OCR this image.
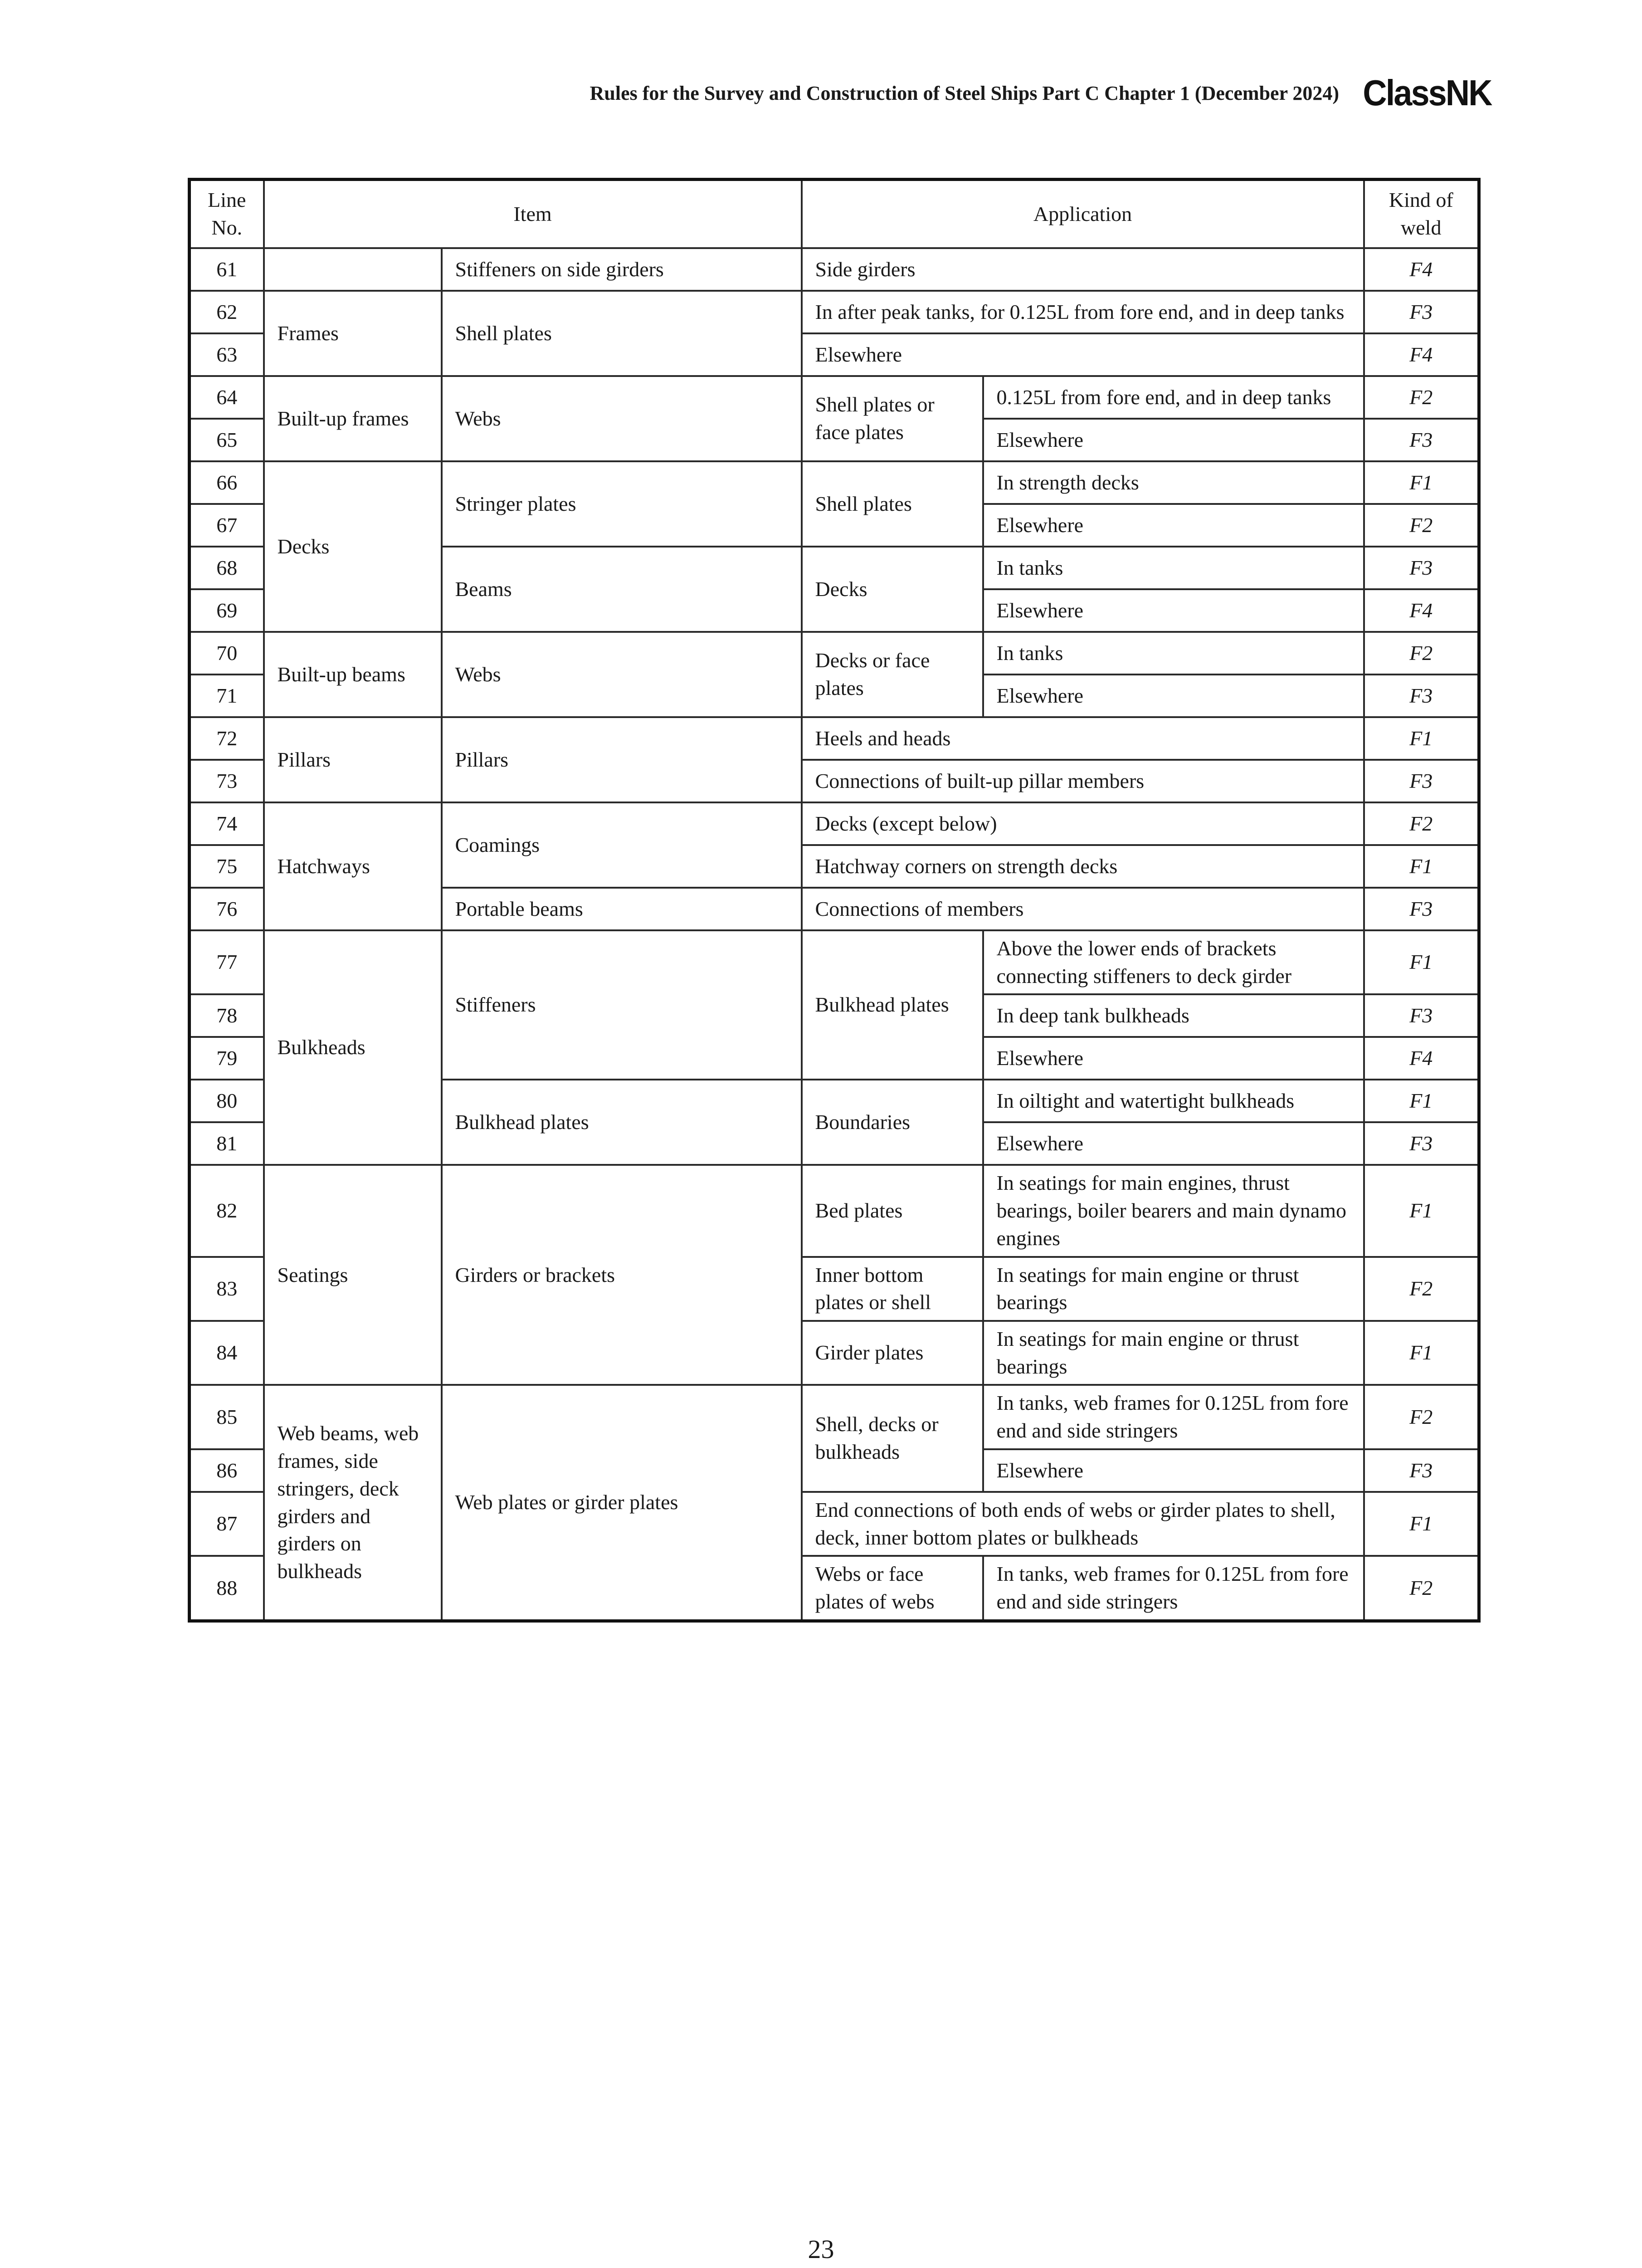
Rules for the Survey and Construction of Steel Ships Part C Chapter 1 (December 2024) ClassNK
Line No.	Item		Application		Kind of weld
61		Stiffeners on side girders	Side girders		F4
62	Frames	Shell plates	In after peak tanks, for 0.125L from fore end, and in deep tanks		F3
63			Elsewhere		F4
64	Built-up frames	Webs	Shell plates or face plates	0.125L from fore end, and in deep tanks	F2
65				Elsewhere	F3
66	Decks	Stringer plates	Shell plates	In strength decks	F1
67				Elsewhere	F2
68		Beams	Decks	In tanks	F3
69				Elsewhere	F4
70	Built-up beams	Webs	Decks or face plates	In tanks	F2
71				Elsewhere	F3
72	Pillars	Pillars	Heels and heads		F1
73			Connections of built-up pillar members		F3
74	Hatchways	Coamings	Decks (except below)		F2
75			Hatchway corners on strength decks		F1
76		Portable beams	Connections of members		F3
77	Bulkheads	Stiffeners	Bulkhead plates	Above the lower ends of brackets connecting stiffeners to deck girder	F1
78				In deep tank bulkheads	F3
79				Elsewhere	F4
80		Bulkhead plates	Boundaries	In oiltight and watertight bulkheads	F1
81				Elsewhere	F3
82	Seatings	Girders or brackets	Bed plates	In seatings for main engines, thrust bearings, boiler bearers and main dynamo engines	F1
83			Inner bottom plates or shell	In seatings for main engine or thrust bearings	F2
84			Girder plates	In seatings for main engine or thrust bearings	F1
85	Web beams, web frames, side stringers, deck girders and girders on bulkheads	Web plates or girder plates	Shell, decks or bulkheads	In tanks, web frames for 0.125L from fore end and side stringers	F2
86				Elsewhere	F3
87			End connections of both ends of webs or girder plates to shell, deck, inner bottom plates or bulkheads		F1
88			Webs or face plates of webs	In tanks, web frames for 0.125L from fore end and side stringers	F2
23
